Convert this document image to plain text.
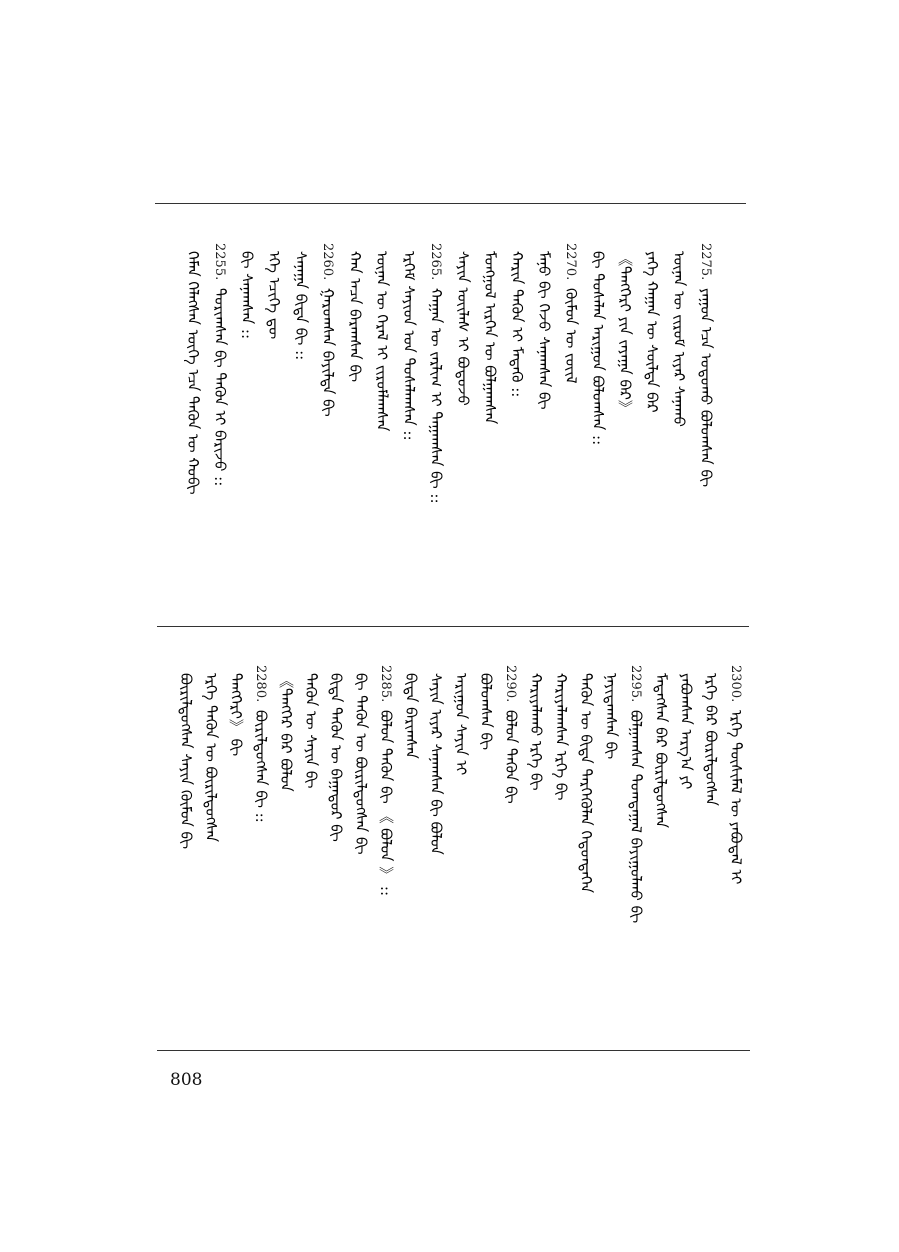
2275.
ᠶᠠᠭᠤᠨ ᠡᠴᠡ ᠤᠳᠤᠬᠤ ᠪᠣᠯᠤᠭᠰᠠᠨ ᠪᠢ
ᠦᠨᠡᠨ ᠦ ᠵᠢᠷᠤᠮ ᠢᠶᠠᠷ ᠰᠠᠨᠠᠬᠤ
ᠶᠡᠭᠡ ᠬᠠᠭᠠᠨ ᠦ ᠰᠦᠯᠳᠡ ᠪᠡᠷ
《ᠲᠡᠩᠭᠡᠷᠢ ᠶᠢᠨ ᠵᠠᠶᠠᠭᠠ ᠪᠠᠷ》
ᠪᠢ ᠲᠤᠰᠠᠯᠠᠨ ᠠᠷᠢᠭᠤᠨ ᠪᠣᠯᠤᠭᠰᠠᠨ ::
2270.
ᠬᠦᠮᠦᠨ ᠦ ᠵᠦᠢᠯ
ᠮᠠᠨᠤ ᠪᠢ ᠭᠡᠵᠦ ᠰᠠᠨᠠᠭᠰᠠᠨ ᠪᠢ
ᠬᠠᠷᠢᠨ ᠲᠡᠭᠦᠨ ᠢ ᠮᠡᠳᠡᠬᠦ ::
ᠮᠣᠩᠭᠣᠯ ᠢᠷᠭᠡᠨ ᠦ ᠪᠣᠯᠭᠠᠭᠰᠠᠨ
ᠰᠠᠶᠢᠨ ᠦᠢᠯᠡᠰ ᠢ ᠪᠣᠳᠣᠵᠤ
2265.
ᠬᠠᠭᠠᠨ ᠦ ᠵᠠᠷᠯᠢᠭ ᠢ ᠳᠠᠭᠠᠭᠰᠠᠨ ᠪᠢ ::
ᠡᠷᠬᠡᠮ ᠰᠠᠶᠢᠳ ᠤᠨ ᠲᠤᠰᠠᠯᠠᠭᠰᠠᠨ ::
ᠦᠨᠡᠨ ᠦ ᠭᠡᠷᠡᠯ ᠢ ᠵᠢᠷᠤᠮᠯᠠᠭᠰᠠᠨ
ᠬᠠᠨ ᠠᠴᠠ ᠪᠠᠷᠠᠭᠰᠠᠨ ᠪᠢ
2260.
ᠭᠠᠷᠤᠭᠰᠠᠨ ᠪᠠᠶᠢᠯᠲᠠ ᠪᠢ
ᠰᠠᠨᠠᠭᠠ ᠪᠢᠳᠡ ᠪᠢ ::
ᠡᠬᠡ ᠡᠴᠢᠭᠡ ᠳᠦ
ᠪᠢ ᠰᠠᠨᠠᠭᠰᠠᠨ ::
2255.
ᠲᠣᠷᠢᠭᠰᠠᠨ ᠪᠢ ᠲᠡᠭᠦᠨ ᠢ ᠪᠠᠷᠢᠵᠤ ::
ᠬᠡᠮᠡᠨ ᠬᠡᠯᠡᠭᠰᠡᠨ ᠦᠭᠡ ᠡᠴᠡ ᠲᠡᠭᠦᠨ ᠦ ᠬᠤᠪᠢ
2300.
ᠡᠷᠬᠡ ᠲᠦᠰᠢᠮᠡᠯ ᠦ ᠶᠠᠪᠤᠳᠠᠯ ᠢ
ᠡᠷᠬᠡ ᠪᠡᠷ ᠪᠦᠷᠢᠯᠳᠦᠭᠰᠡᠨ
ᠶᠠᠪᠤᠭᠰᠠᠨ ᠠᠷᠭ᠎ᠠ ᠶᠢ
ᠮᠡᠳᠡᠭᠰᠡᠨ ᠪᠡᠷ ᠪᠦᠷᠢᠯᠳᠦᠭᠰᠡᠨ
2295.
ᠪᠣᠯᠭᠠᠭᠰᠠᠨ ᠲᠣᠭᠲᠠᠭᠠᠯ ᠪᠠᠶᠢᠭᠤᠯᠬᠤ ᠪᠢ
ᠨᠠᠶᠢᠳᠠᠭᠰᠠᠨ ᠪᠢ
ᠲᠡᠭᠦᠨ ᠦ ᠪᠢᠳᠡ ᠲᠡᠷᠭᠡᠭᠦᠯᠡᠨ ᠬᠡᠳᠦᠨᠲᠡᠭᠡᠨ
ᠬᠠᠷᠢᠶᠠᠯᠠᠭᠰᠠᠨ ᠡᠷᠬᠡ ᠪᠢ
ᠬᠠᠷᠢᠶᠠᠯᠠᠬᠤ ᠡᠷᠬᠡ ᠪᠢ
2290.
ᠪᠣᠯᠤᠨ ᠲᠡᠭᠦᠨ ᠪᠢ
ᠪᠣᠯᠤᠭᠰᠠᠨ ᠪᠢ
ᠠᠷᠢᠭᠤᠨ ᠰᠠᠶᠢᠨ ᠢ
ᠰᠠᠶᠢᠨ ᠢᠶᠠᠷ ᠰᠠᠨᠠᠭᠰᠠᠨ ᠪᠢ ᠪᠣᠯᠤᠨ
ᠪᠢᠳᠡ ᠪᠠᠷᠢᠭᠰᠠᠨ
2285.
ᠪᠣᠯᠤᠨ ᠲᠡᠭᠦᠨ ᠪᠢ 《 ᠪᠣᠯᠤᠨ 》 ::
ᠪᠢ ᠲᠡᠭᠦᠨ ᠦ ᠪᠦᠷᠢᠯᠳᠦᠭᠰᠡᠨ ᠪᠢ
ᠪᠢᠳᠡ ᠲᠡᠭᠦᠨ ᠦ ᠪᠠᠭᠠᠲᠤᠷ ᠪᠢ
ᠲᠡᠭᠦᠨ ᠦ ᠰᠠᠶᠢᠨ ᠪᠢ
《ᠲᠡᠩᠭᠡᠷ ᠪᠠᠷ ᠪᠣᠯᠤᠨ
2280.
ᠪᠦᠷᠢᠯᠳᠦᠭᠰᠡᠨ ᠪᠢ ::
ᠲᠡᠩᠭᠡᠷᠢ》 ᠪᠢ
ᠡᠷᠬᠡ ᠲᠡᠭᠦᠨ ᠦ ᠪᠦᠷᠢᠯᠳᠦᠭᠰᠡᠨ
ᠪᠦᠷᠢᠯᠳᠦᠭᠰᠡᠨ ᠰᠠᠶᠢᠨ ᠬᠦᠮᠦᠨ ᠪᠢ
808
